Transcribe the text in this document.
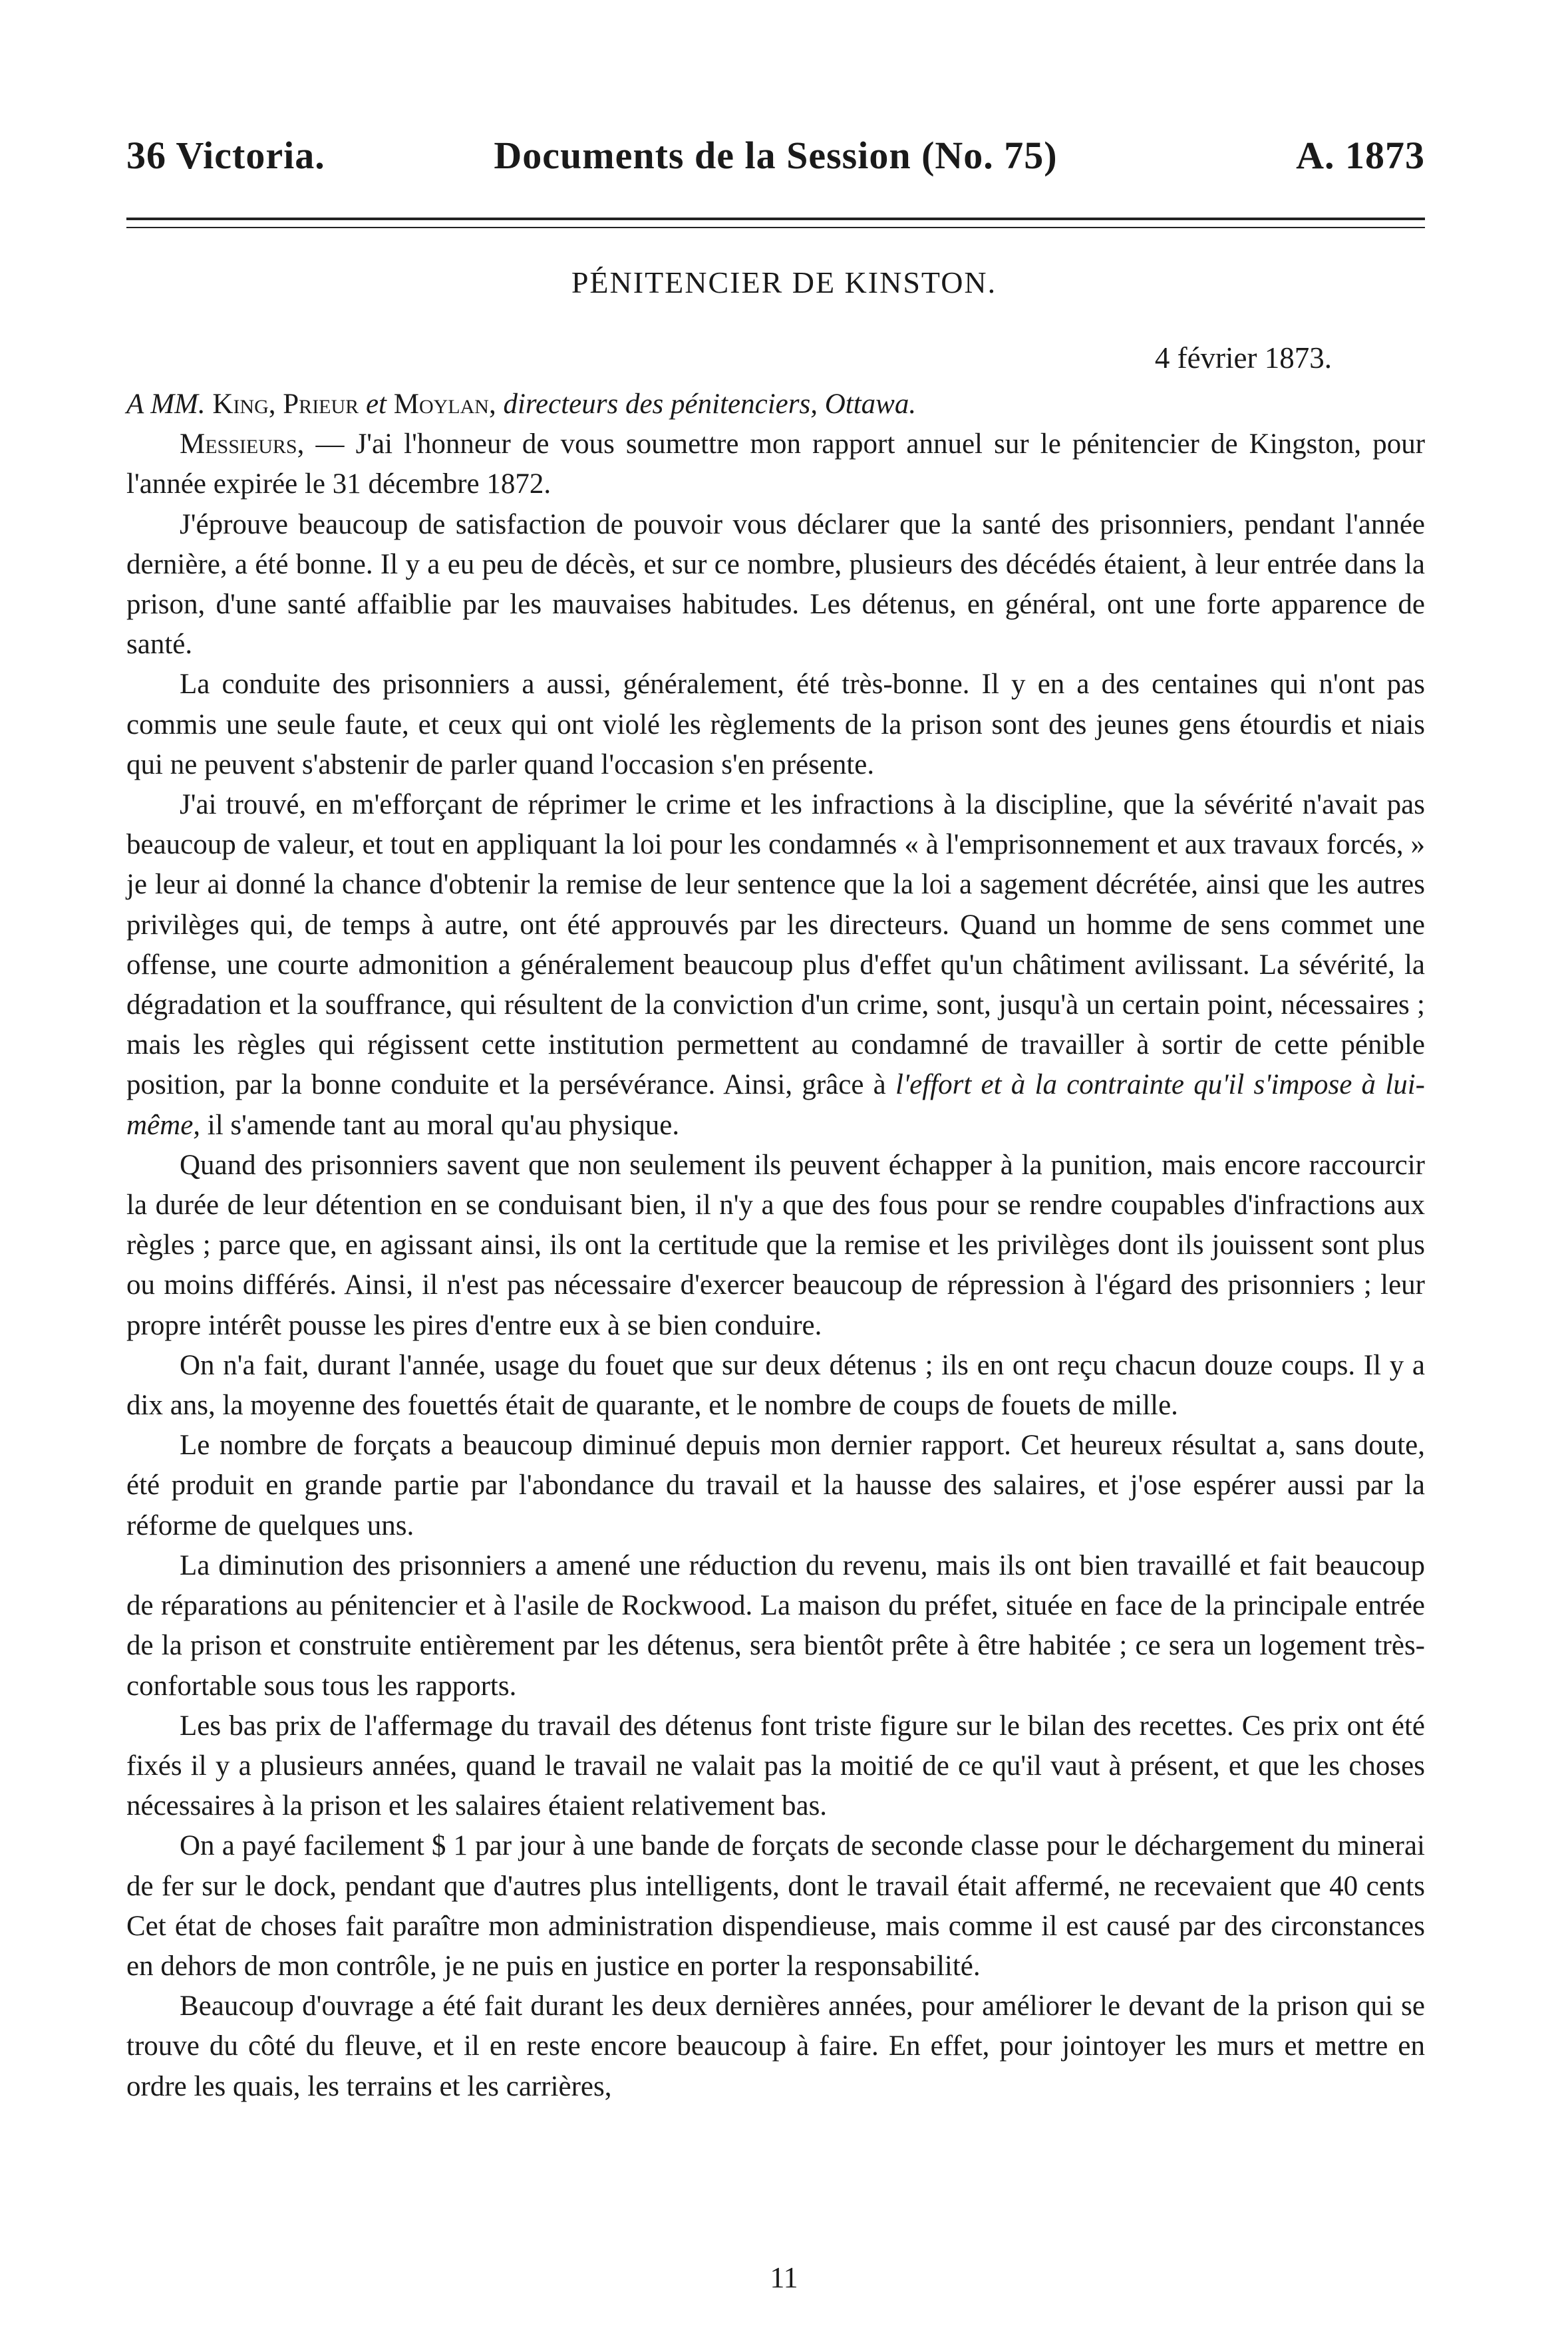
36 Victoria.	Documents de la Session (No. 75)	A. 1873
PÉNITENCIER DE KINSTON.
4 février 1873.

A MM. King, Prieur et Moylan, directeurs des pénitenciers, Ottawa.

Messieurs, — J'ai l'honneur de vous soumettre mon rapport annuel sur le pénitencier de Kingston, pour l'année expirée le 31 décembre 1872.

J'éprouve beaucoup de satisfaction de pouvoir vous déclarer que la santé des prisonniers, pendant l'année dernière, a été bonne. Il y a eu peu de décès, et sur ce nombre, plusieurs des décédés étaient, à leur entrée dans la prison, d'une santé affaiblie par les mauvaises habitudes. Les détenus, en général, ont une forte apparence de santé.

La conduite des prisonniers a aussi, généralement, été très-bonne. Il y en a des centaines qui n'ont pas commis une seule faute, et ceux qui ont violé les règlements de la prison sont des jeunes gens étourdis et niais qui ne peuvent s'abstenir de parler quand l'occasion s'en présente.

J'ai trouvé, en m'efforçant de réprimer le crime et les infractions à la discipline, que la sévérité n'avait pas beaucoup de valeur, et tout en appliquant la loi pour les condamnés « à l'emprisonnement et aux travaux forcés, » je leur ai donné la chance d'obtenir la remise de leur sentence que la loi a sagement décrétée, ainsi que les autres privilèges qui, de temps à autre, ont été approuvés par les directeurs. Quand un homme de sens commet une offense, une courte admonition a généralement beaucoup plus d'effet qu'un châtiment avilissant. La sévérité, la dégradation et la souffrance, qui résultent de la conviction d'un crime, sont, jusqu'à un certain point, nécessaires ; mais les règles qui régissent cette institution permettent au condamné de travailler à sortir de cette pénible position, par la bonne conduite et la persévérance. Ainsi, grâce à l'effort et à la contrainte qu'il s'impose à lui-même, il s'amende tant au moral qu'au physique.

Quand des prisonniers savent que non seulement ils peuvent échapper à la punition, mais encore raccourcir la durée de leur détention en se conduisant bien, il n'y a que des fous pour se rendre coupables d'infractions aux règles ; parce que, en agissant ainsi, ils ont la certitude que la remise et les privilèges dont ils jouissent sont plus ou moins différés. Ainsi, il n'est pas nécessaire d'exercer beaucoup de répression à l'égard des prisonniers ; leur propre intérêt pousse les pires d'entre eux à se bien conduire.

On n'a fait, durant l'année, usage du fouet que sur deux détenus ; ils en ont reçu chacun douze coups. Il y a dix ans, la moyenne des fouettés était de quarante, et le nombre de coups de fouets de mille.

Le nombre de forçats a beaucoup diminué depuis mon dernier rapport. Cet heureux résultat a, sans doute, été produit en grande partie par l'abondance du travail et la hausse des salaires, et j'ose espérer aussi par la réforme de quelques uns.

La diminution des prisonniers a amené une réduction du revenu, mais ils ont bien travaillé et fait beaucoup de réparations au pénitencier et à l'asile de Rockwood. La maison du préfet, située en face de la principale entrée de la prison et construite entièrement par les détenus, sera bientôt prête à être habitée ; ce sera un logement très-confortable sous tous les rapports.

Les bas prix de l'affermage du travail des détenus font triste figure sur le bilan des recettes. Ces prix ont été fixés il y a plusieurs années, quand le travail ne valait pas la moitié de ce qu'il vaut à présent, et que les choses nécessaires à la prison et les salaires étaient relativement bas.

On a payé facilement $ 1 par jour à une bande de forçats de seconde classe pour le déchargement du minerai de fer sur le dock, pendant que d'autres plus intelligents, dont le travail était affermé, ne recevaient que 40 cents Cet état de choses fait paraître mon administration dispendieuse, mais comme il est causé par des circonstances en dehors de mon contrôle, je ne puis en justice en porter la responsabilité.

Beaucoup d'ouvrage a été fait durant les deux dernières années, pour améliorer le devant de la prison qui se trouve du côté du fleuve, et il en reste encore beaucoup à faire. En effet, pour jointoyer les murs et mettre en ordre les quais, les terrains et les carrières,

11
